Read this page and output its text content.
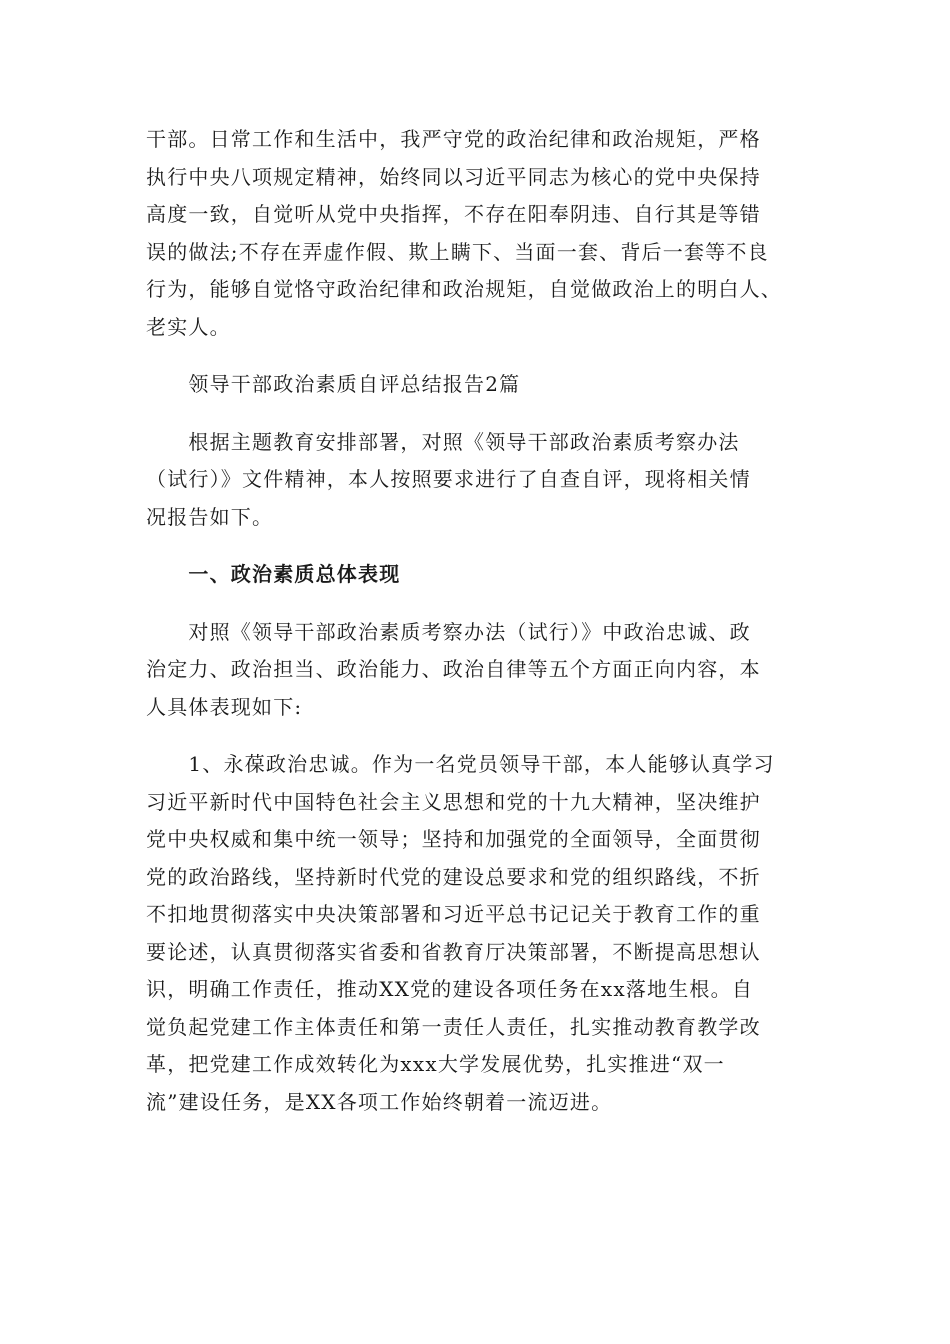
干部。日常工作和生活中，我严守党的政治纪律和政治规矩，严格
执行中央八项规定精神，始终同以习近平同志为核心的党中央保持
高度一致，自觉听从党中央指挥，不存在阳奉阴违、自行其是等错
误的做法;不存在弄虚作假、欺上瞒下、当面一套、背后一套等不良
行为，能够自觉恪守政治纪律和政治规矩，自觉做政治上的明白人、
老实人。

　　领导干部政治素质自评总结报告2篇

　　根据主题教育安排部署，对照《领导干部政治素质考察办法
（试行）》文件精神，本人按照要求进行了自查自评，现将相关情
况报告如下。

　　一、政治素质总体表现

　　对照《领导干部政治素质考察办法（试行）》中政治忠诚、政
治定力、政治担当、政治能力、政治自律等五个方面正向内容，本
人具体表现如下:

　　1、永葆政治忠诚。作为一名党员领导干部，本人能够认真学习
习近平新时代中国特色社会主义思想和党的十九大精神，坚决维护
党中央权威和集中统一领导；坚持和加强党的全面领导，全面贯彻
党的政治路线，坚持新时代党的建设总要求和党的组织路线，不折
不扣地贯彻落实中央决策部署和习近平总书记记关于教育工作的重
要论述，认真贯彻落实省委和省教育厅决策部署，不断提高思想认
识，明确工作责任，推动XX党的建设各项任务在xx落地生根。自
觉负起党建工作主体责任和第一责任人责任，扎实推动教育教学改
革，把党建工作成效转化为xxx大学发展优势，扎实推进“双一
流”建设任务，是XX各项工作始终朝着一流迈进。
